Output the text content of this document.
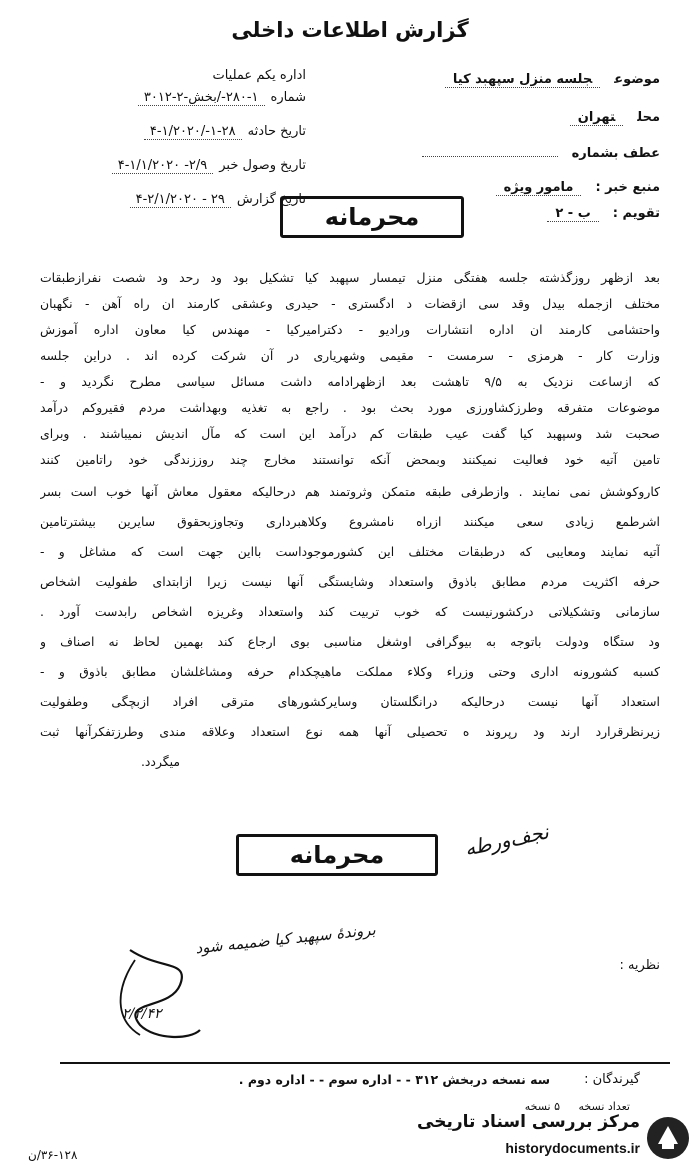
گزارش اطلاعات داخلی
اداره یکم عملیات
شماره۱-۲۸۰-/بخش-۲-۳۰۱۲
تاریخ حادثه۲۸-۱-/۱/۲۰۲۰-۴
تاریخ وصول خبر۲/۹- ۱/۱/۲۰۲۰-۴
تاریخ گزارش۲۹ - ۲/۱/۲۰۲۰-۴
موضوعجلسه منزل سپهبد کیا
محلتهران
عطف بشماره
منبع خبر :مامور ویژه
تقویم :ب - ۲
محرمانه
بعد ازظهر روزگذشته جلسه هفتگی منزل تیمسار سپهبد کیا تشکیل بود ود رحد ود شصت نفرازطبقات
مختلف ازجمله بیدل وقد سی ازقضات د ادگستری - حیدری وعشقی کارمند ان راه آهن - نگهبان
واحتشامی کارمند ان اداره انتشارات ورادیو - دکترامیرکیا - مهندس کیا معاون اداره آموزش
وزارت کار - هرمزی - سرمست - مقیمی وشهریاری در آن شرکت کرده اند . دراین جلسه
که ازساعت نزدیک به ۹/۵ تاهشت بعد ازظهرادامه داشت مسائل سیاسی مطرح نگردید و -
موضوعات متفرقه وطرزکشاورزی مورد بحث بود . راجع به تغذیه وبهداشت مردم فقیروکم درآمد
صحبت شد وسپهبد کیا گفت عیب طبقات کم درآمد این است که مآل اندیش نمیباشند . وبرای
تامین آتیه خود فعالیت نمیکنند وبمحض آنکه توانستند مخارج چند روززندگی خود راتامین کنند
کاروکوشش نمی نمایند . وازطرفی طبقه متمکن وثروتمند هم درحالیکه معقول معاش آنها خوب است بسر
اشرطمع زیادی سعی میکنند ازراه نامشروع وکلاهبرداری وتجاوزبحقوق سایرین بیشترتامین
آتیه نمایند ومعایبی که درطبقات مختلف این کشورموجوداست بااین جهت است که مشاغل و -
حرفه اکثریت مردم مطابق باذوق واستعداد وشایستگی آنها نیست زیرا ازابتدای طفولیت اشخاص
سازمانی وتشکیلاتی درکشورنیست که خوب تربیت کند واستعداد وغریزه اشخاص رابدست آورد .
ود ستگاه ودولت باتوجه به بیوگرافی اوشغل مناسبی بوی ارجاع کند بهمین لحاظ نه اصناف و
کسبه کشورونه اداری وحتی وزراء وکلاء مملکت ماهیچکدام حرفه ومشاغلشان مطابق باذوق و -
استعداد آنها نیست درحالیکه درانگلستان وسایرکشورهای مترقی افراد ازبچگی وطفولیت
زیرنظرقرارد ارند ود رپروند ه تحصیلی آنها همه نوع استعداد وعلاقه مندی وطرزتفکرآنها ثبت
میگردد.
محرمانه	نجف‌ورطه
نظریه :
بروندهٔ سپهبد کیا ضمیمه شود
۲/۲/۴۲
گیرندگان :
سه نسخه دربخش ۳۱۲ - - اداره سوم - - اداره دوم .
تعداد نسخه
۵ نسخه
۳۶-۱۲۸/ن
مرکز بررسی اسناد تاریخی
historydocuments.ir
